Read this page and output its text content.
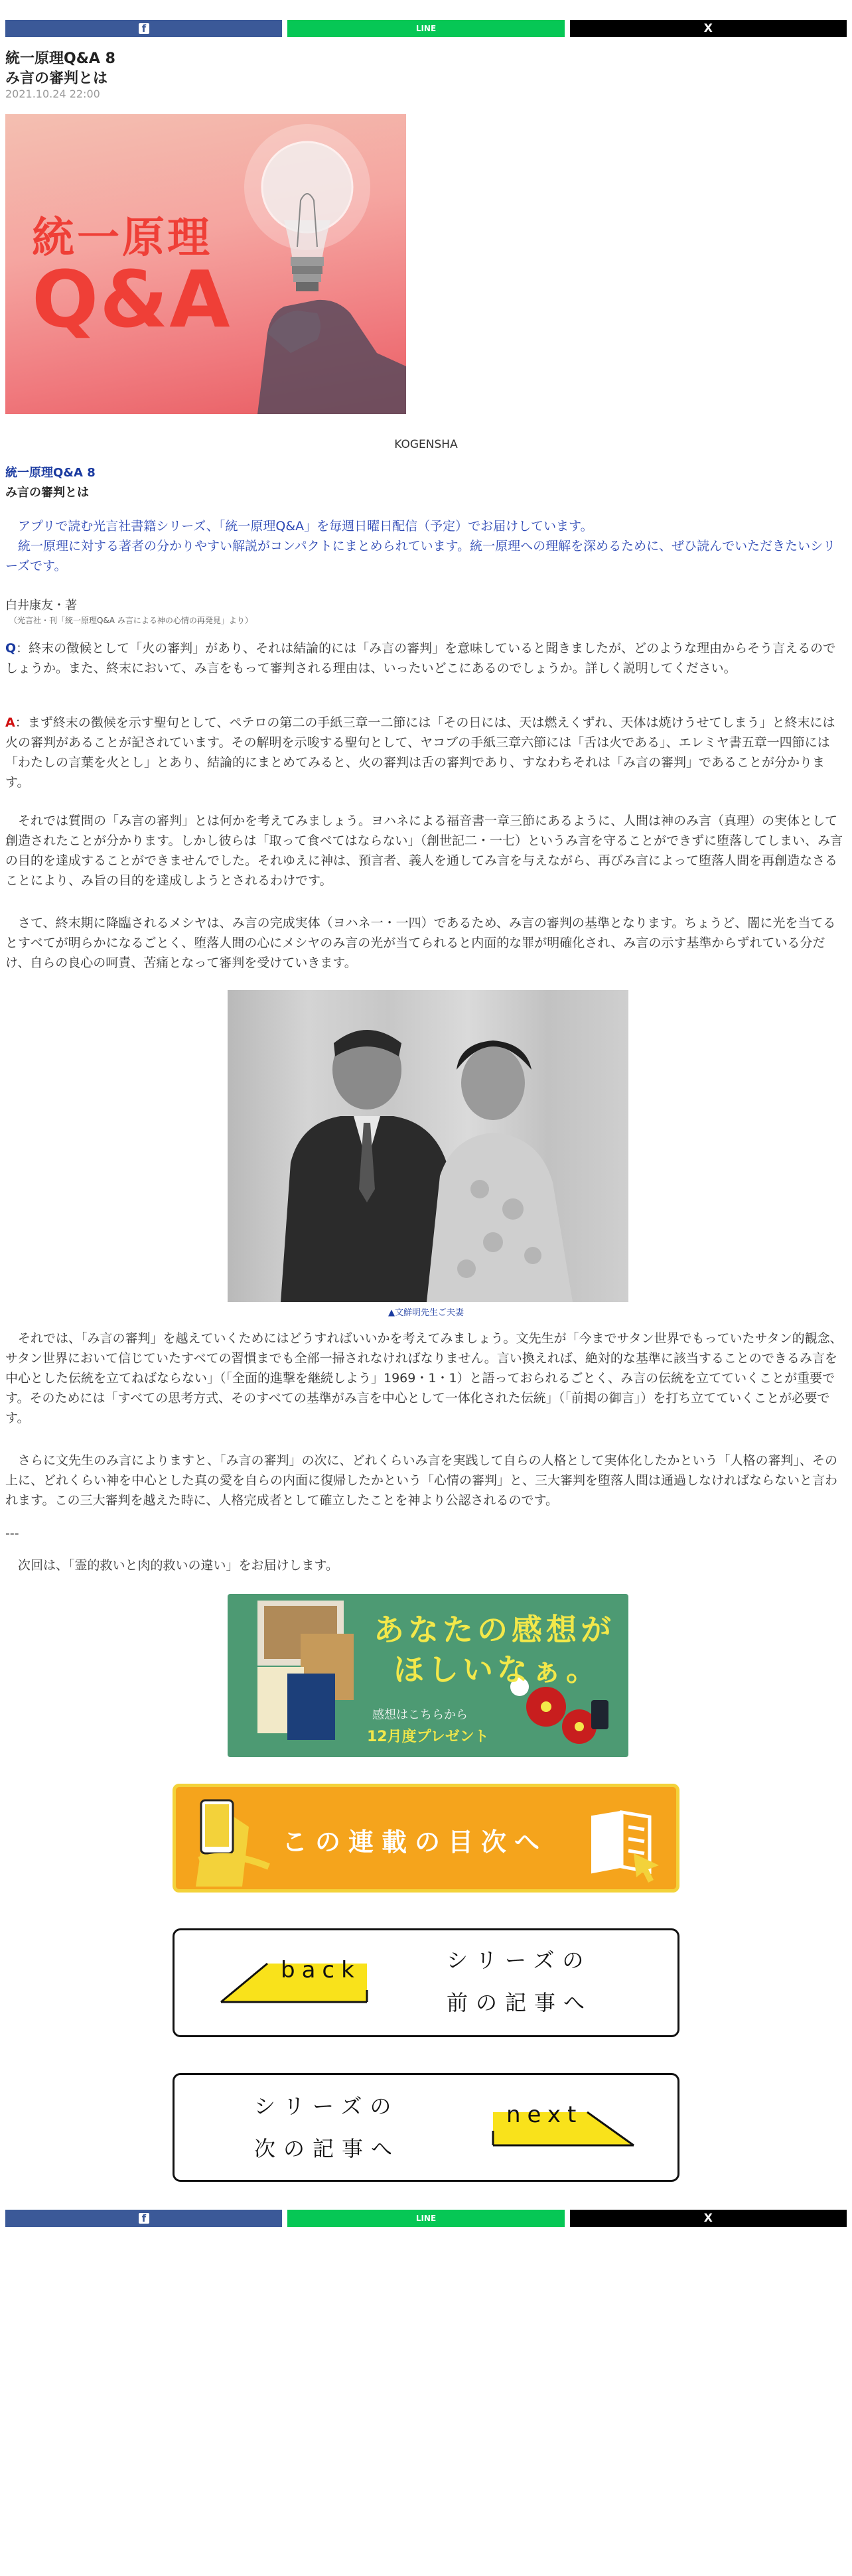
f
LINE	X
統一原理Q&A 8
み言の審判とは
2021.10.24 22:00
統一原理
Q&A
KOGENSHA
統一原理Q&A 8
み言の審判とは
　アプリで読む光言社書籍シリーズ、「統一原理Q&A」を毎週日曜日配信（予定）でお届けしています。
　統一原理に対する著者の分かりやすい解説がコンパクトにまとめられています。統一原理への理解を深めるために、ぜひ読んでいただきたいシリーズです。
白井康友・著
（光言社・刊「統一原理Q&A み言による神の心情の再発見」より）
Q：終末の徴候として「火の審判」があり、それは結論的には「み言の審判」を意味していると聞きましたが、どのような理由からそう言えるのでしょうか。また、終末において、み言をもって審判される理由は、いったいどこにあるのでしょうか。詳しく説明してください。
A：まず終末の徴候を示す聖句として、ペテロの第二の手紙三章一二節には「その日には、天は燃えくずれ、天体は焼けうせてしまう」と終末には火の審判があることが記されています。その解明を示唆する聖句として、ヤコブの手紙三章六節には「舌は火である」、エレミヤ書五章一四節には「わたしの言葉を火とし」とあり、結論的にまとめてみると、火の審判は舌の審判であり、すなわちそれは「み言の審判」であることが分かります。
　それでは質問の「み言の審判」とは何かを考えてみましょう。ヨハネによる福音書一章三節にあるように、人間は神のみ言（真理）の実体として創造されたことが分かります。しかし彼らは「取って食べてはならない」（創世記二・一七）というみ言を守ることができずに堕落してしまい、み言の目的を達成することができませんでした。それゆえに神は、預言者、義人を通してみ言を与えながら、再びみ言によって堕落人間を再創造なさることにより、み旨の目的を達成しようとされるわけです。
　さて、終末期に降臨されるメシヤは、み言の完成実体（ヨハネ一・一四）であるため、み言の審判の基準となります。ちょうど、闇に光を当てるとすべてが明らかになるごとく、堕落人間の心にメシヤのみ言の光が当てられると内面的な罪が明確化され、み言の示す基準からずれている分だけ、自らの良心の呵責、苦痛となって審判を受けていきます。
▲文鮮明先生ご夫妻
　それでは、「み言の審判」を越えていくためにはどうすればいいかを考えてみましょう。文先生が「今までサタン世界でもっていたサタン的観念、サタン世界において信じていたすべての習慣までも全部一掃されなければなりません。言い換えれば、絶対的な基準に該当することのできるみ言を中心とした伝統を立てねばならない」（「全面的進撃を継続しよう」1969・1・1）と語っておられるごとく、み言の伝統を立てていくことが重要です。そのためには「すべての思考方式、そのすべての基準がみ言を中心として一体化された伝統」（「前掲の御言」）を打ち立てていくことが必要です。
　さらに文先生のみ言によりますと、「み言の審判」の次に、どれくらいみ言を実践して自らの人格として実体化したかという「人格の審判」、その上に、どれくらい神を中心とした真の愛を自らの内面に復帰したかという「心情の審判」と、三大審判を堕落人間は通過しなければならないと言われます。この三大審判を越えた時に、人格完成者として確立したことを神より公認されるのです。
---
　次回は、「霊的救いと肉的救いの違い」をお届けします。
あなたの感想が
ほしいなぁ。
感想はこちらから
12月度プレゼント
この連載の目次へ
back	シリーズの
前の記事へ
シリーズの
次の記事へ
next
f
LINE	X
